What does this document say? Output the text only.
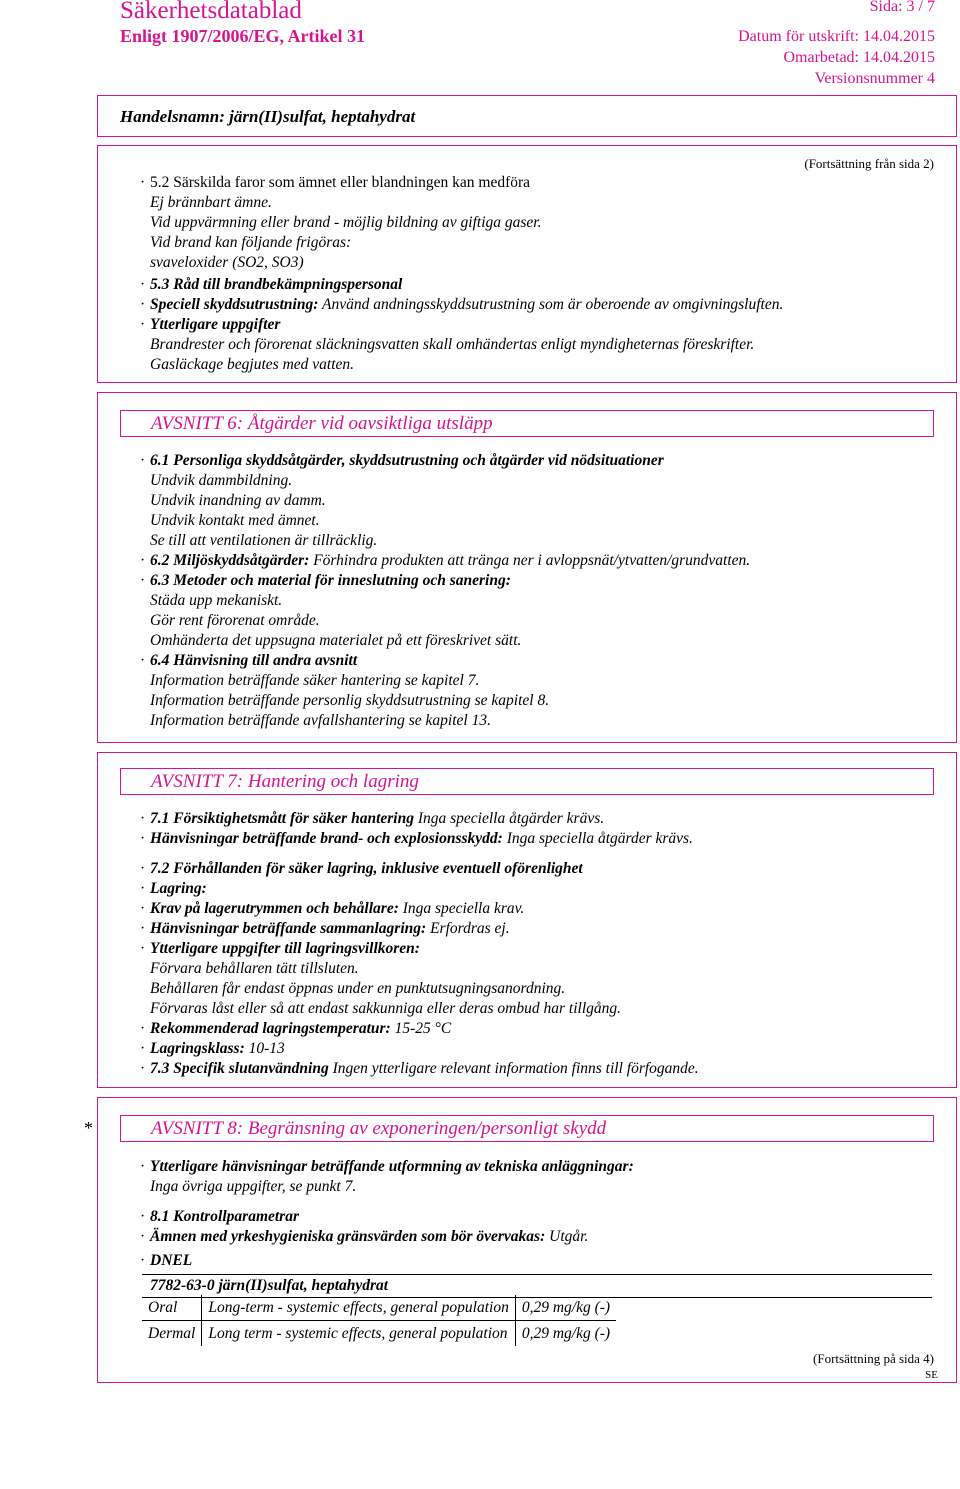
Säkerhetsdatablad
Enligt 1907/2006/EG, Artikel 31
Sida: 3 / 7
Datum för utskrift: 14.04.2015
Omarbetad: 14.04.2015
Versionsnummer 4
Handelsnamn: järn(II)sulfat, heptahydrat
(Fortsättning från sida 2)
· 5.2 Särskilda faror som ämnet eller blandningen kan medföra
Ej brännbart ämne.
Vid uppvärmning eller brand - möjlig bildning av giftiga gaser.
Vid brand kan följande frigöras:
svaveloxider (SO2, SO3)
· 5.3 Råd till brandbekämpningspersonal
· Speciell skyddsutrustning: Använd andningsskyddsutrustning som är oberoende av omgivningsluften.
· Ytterligare uppgifter
Brandrester och förorenat släckningsvatten skall omhändertas enligt myndigheternas föreskrifter.
Gasläckage begjutes med vatten.
AVSNITT 6: Åtgärder vid oavsiktliga utsläpp
· 6.1 Personliga skyddsåtgärder, skyddsutrustning och åtgärder vid nödsituationer
Undvik dammbildning.
Undvik inandning av damm.
Undvik kontakt med ämnet.
Se till att ventilationen är tillräcklig.
· 6.2 Miljöskyddsåtgärder: Förhindra produkten att tränga ner i avloppsnät/ytvatten/grundvatten.
· 6.3 Metoder och material för inneslutning och sanering:
Städa upp mekaniskt.
Gör rent förorenat område.
Omhänderta det uppsugna materialet på ett föreskrivet sätt.
· 6.4 Hänvisning till andra avsnitt
Information beträffande säker hantering se kapitel 7.
Information beträffande personlig skyddsutrustning se kapitel 8.
Information beträffande avfallshantering se kapitel 13.
AVSNITT 7: Hantering och lagring
· 7.1 Försiktighetsmått för säker hantering Inga speciella åtgärder krävs.
· Hänvisningar beträffande brand- och explosionsskydd: Inga speciella åtgärder krävs.
· 7.2 Förhållanden för säker lagring, inklusive eventuell oförenlighet
· Lagring:
· Krav på lagerutrymmen och behållare: Inga speciella krav.
· Hänvisningar beträffande sammanlagring: Erfordras ej.
· Ytterligare uppgifter till lagringsvillkoren:
Förvara behållaren tätt tillsluten.
Behållaren får endast öppnas under en punktutsugningsanordning.
Förvaras låst eller så att endast sakkunniga eller deras ombud har tillgång.
· Rekommenderad lagringstemperatur: 15-25 °C
· Lagringsklass: 10-13
· 7.3 Specifik slutanvändning Ingen ytterligare relevant information finns till förfogande.
*	AVSNITT 8: Begränsning av exponeringen/personligt skydd
· Ytterligare hänvisningar beträffande utformning av tekniska anläggningar:
Inga övriga uppgifter, se punkt 7.
· 8.1 Kontrollparametrar
· Ämnen med yrkeshygieniska gränsvärden som bör övervakas: Utgår.
· DNEL
7782-63-0 järn(II)sulfat, heptahydrat
Oral	Long-term - systemic effects, general population	0,29 mg/kg (-)
Dermal	Long term - systemic effects, general population	0,29 mg/kg (-)
(Fortsättning på sida 4)
SE
